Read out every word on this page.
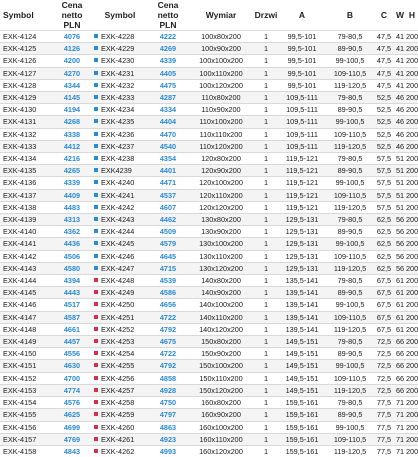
Symbol	Cena
netto PLN	Symbol	Cena
netto PLN	Wymiar	Drzwi	A	B	C	W	H
EXK-4124	4076	EXK-4228	4222	100x80x200	1	99,5-101	79-80,5	47,5	41	200
EXK-4125	4126	EXK-4229	4269	100x90x200	1	99,5-101	89-90,5	47,5	41	200
EXK-4126	4200	EXK-4230	4339	100x100x200	1	99,5-101	99-100,5	47,5	41	200
EXK-4127	4270	EXK-4231	4405	100x110x200	1	99,5-101	109-110,5	47,5	41	200
EXK-4128	4344	EXK-4232	4475	100x120x200	1	99,5-101	119-120,5	47,5	41	200
EXK-4129	4145	EXK-4233	4287	110x80x200	1	109,5-111	79-80,5	52,5	46	200
EXK-4130	4194	EXK-4234	4334	110x90x200	1	109,5-111	89-90,5	52,5	46	200
EXK-4131	4268	EXK-4235	4404	110x100x200	1	109,5-111	99-100,5	52,5	46	200
EXK-4132	4338	EXK-4236	4470	110x110x200	1	109,5-111	109-110,5	52,5	46	200
EXK-4133	4412	EXK-4237	4540	110x120x200	1	109,5-111	119-120,5	52,5	46	200
EXK-4134	4216	EXK-4238	4354	120x80x200	1	119,5-121	79-80,5	57,5	51	200
EXK-4135	4265	EXK4239	4401	120x90x200	1	119,5-121	89-90,5	57,5	51	200
EXK-4136	4339	EXK-4240	4471	120x100x200	1	119,5-121	99-100,5	57,5	51	200
EXK-4137	4409	EXK-4241	4537	120x110x200	1	119,5-121	109-110,5	57,5	51	200
EXK-4138	4483	EXK-4242	4607	120x120x200	1	119,5-121	119-120,5	57,5	51	200
EXK-4139	4313	EXK-4243	4462	130x80x200	1	129,5-131	79-80,5	62,5	56	200
EXK-4140	4362	EXK-4244	4509	130x90x200	1	129,5-131	89-90,5	62,5	56	200
EXK-4141	4436	EXK-4245	4579	130x100x200	1	129,5-131	99-100,5	62,5	56	200
EXK-4142	4506	EXK-4246	4645	130x110x200	1	129,5-131	109-110,5	62,5	56	200
EXK-4143	4580	EXK-4247	4715	130x120x200	1	129,5-131	119-120,5	62,5	56	200
EXK-4144	4394	EXK-4248	4539	140x80x200	1	135,5-141	79-80,5	67,5	61	200
EXK-4145	4443	EXK-4249	4586	140x90x200	1	139,5-141	89-90,5	67,5	61	200
EXK-4146	4517	EXK-4250	4656	140x100x200	1	139,5-141	99-100,5	67,5	61	200
EXK-4147	4587	EXK-4251	4722	140x110x200	1	139,5-141	109-110,5	67,5	61	200
EXK-4148	4661	EXK-4252	4792	140x120x200	1	139,5-141	119-120,5	67,5	61	200
EXK-4149	4457	EXK-4253	4675	150x80x200	1	149,5-151	79-80,5	72,5	66	200
EXK-4150	4556	EXK-4254	4722	150x90x200	1	149,5-151	89-90,5	72,5	66	200
EXK-4151	4630	EXK-4255	4792	150x100x200	1	149,5-151	99-100,5	72,5	66	200
EXK-4152	4700	EXK-4256	4858	150x110x200	1	149,5-151	109-110,5	72,5	66	200
EXK-4153	4774	EXK-4257	4928	150x120x200	1	149,5-151	119-120,5	72,5	66	200
EXK-4154	4576	EXK-4258	4750	160x80x200	1	159,5-161	79-80,5	77,5	71	200
EXK-4155	4625	EXK-4259	4797	160x90x200	1	159,5-161	89-90,5	77,5	71	200
EXK-4156	4699	EXK-4260	4863	160x100x200	1	159,5-161	99-100,5	77,5	71	200
EXK-4157	4769	EXK-4261	4923	160x110x200	1	159,5-161	109-110,5	77,5	71	200
EXK-4158	4843	EXK-4262	4993	160x120x200	1	159,5-161	119-120,5	77,5	71	200
